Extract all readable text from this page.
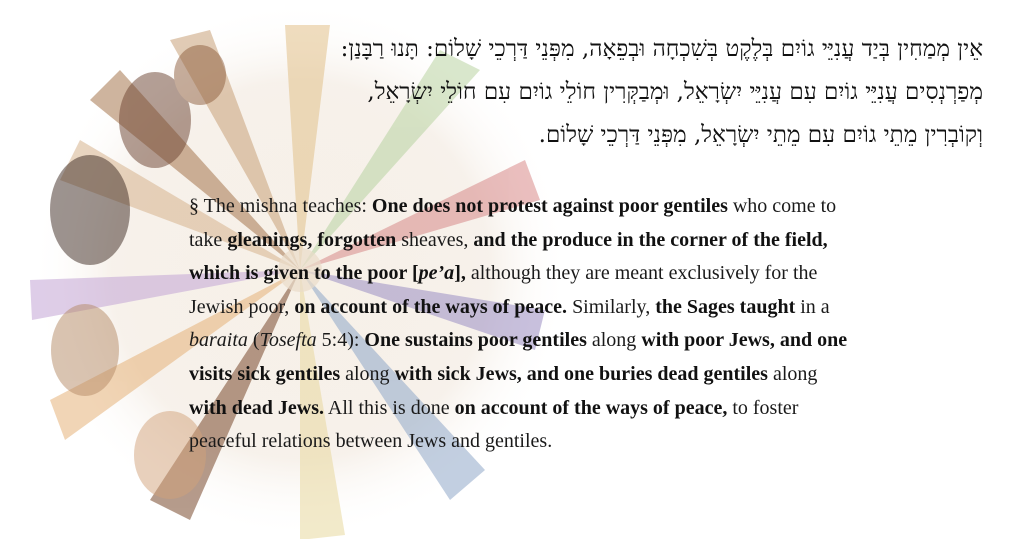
אֵין מְמַחִין בְּיַד עֲנִיֵּי גוֹיִם בְּלֶקֶט בְּשִׁכְחָה וּבְפֵאָה, מִפְּנֵי דַּרְכֵי שָׁלוֹם: תָּנוּ רַבָּנַן:
מְפַרְנְסִים עֲנִיֵּי גוֹיִם עִם עֲנִיֵּי יִשְׂרָאֵל, וּמְבַקְּרִין חוֹלֵי גוֹיִם עִם חוֹלֵי יִשְׂרָאֵל,
וְקוֹבְרִין מֵתֵי גוֹיִם עִם מֵתֵי יִשְׂרָאֵל, מִפְּנֵי דַּרְכֵי שָׁלוֹם.
§ The mishna teaches: One does not protest against poor gentiles who come to
take gleanings, forgotten sheaves, and the produce in the corner of the field,
which is given to the poor [pe’a], although they are meant exclusively for the
Jewish poor, on account of the ways of peace. Similarly, the Sages taught in a
baraita (Tosefta 5:4): One sustains poor gentiles along with poor Jews, and one
visits sick gentiles along with sick Jews, and one buries dead gentiles along
with dead Jews. All this is done on account of the ways of peace, to foster
peaceful relations between Jews and gentiles.
